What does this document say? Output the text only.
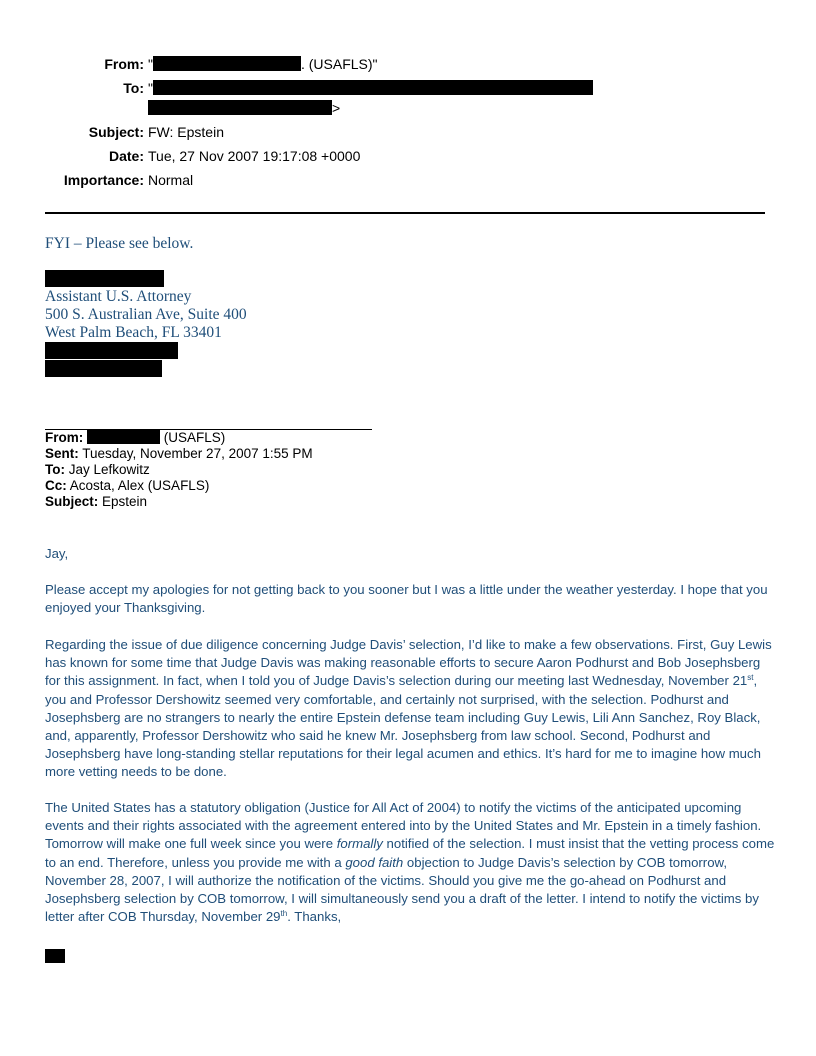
From: "	. (USAFLS)"
To: "
>
Subject: FW: Epstein
Date: Tue, 27 Nov 2007 19:17:08 +0000
Importance: Normal
FYI – Please see below.
Assistant U.S. Attorney
500 S. Australian Ave, Suite 400
West Palm Beach, FL 33401
From:	(USAFLS)
Sent: Tuesday, November 27, 2007 1:55 PM
To: Jay Lefkowitz
Cc: Acosta, Alex (USAFLS)
Subject: Epstein
Jay,

Please accept my apologies for not getting back to you sooner but I was a little under the weather yesterday. I hope that you enjoyed your Thanksgiving.

Regarding the issue of due diligence concerning Judge Davis’ selection, I’d like to make a few observations. First, Guy Lewis has known for some time that Judge Davis was making reasonable efforts to secure Aaron Podhurst and Bob Josephsberg for this assignment. In fact, when I told you of Judge Davis’s selection during our meeting last Wednesday, November 21st, you and Professor Dershowitz seemed very comfortable, and certainly not surprised, with the selection. Podhurst and Josephsberg are no strangers to nearly the entire Epstein defense team including Guy Lewis, Lili Ann Sanchez, Roy Black, and, apparently, Professor Dershowitz who said he knew Mr. Josephsberg from law school. Second, Podhurst and Josephsberg have long-standing stellar reputations for their legal acumen and ethics. It’s hard for me to imagine how much more vetting needs to be done.

The United States has a statutory obligation (Justice for All Act of 2004) to notify the victims of the anticipated upcoming events and their rights associated with the agreement entered into by the United States and Mr. Epstein in a timely fashion. Tomorrow will make one full week since you were formally notified of the selection. I must insist that the vetting process come to an end. Therefore, unless you provide me with a good faith objection to Judge Davis’s selection by COB tomorrow, November 28, 2007, I will authorize the notification of the victims. Should you give me the go-ahead on Podhurst and Josephsberg selection by COB tomorrow, I will simultaneously send you a draft of the letter. I intend to notify the victims by letter after COB Thursday, November 29th. Thanks,
